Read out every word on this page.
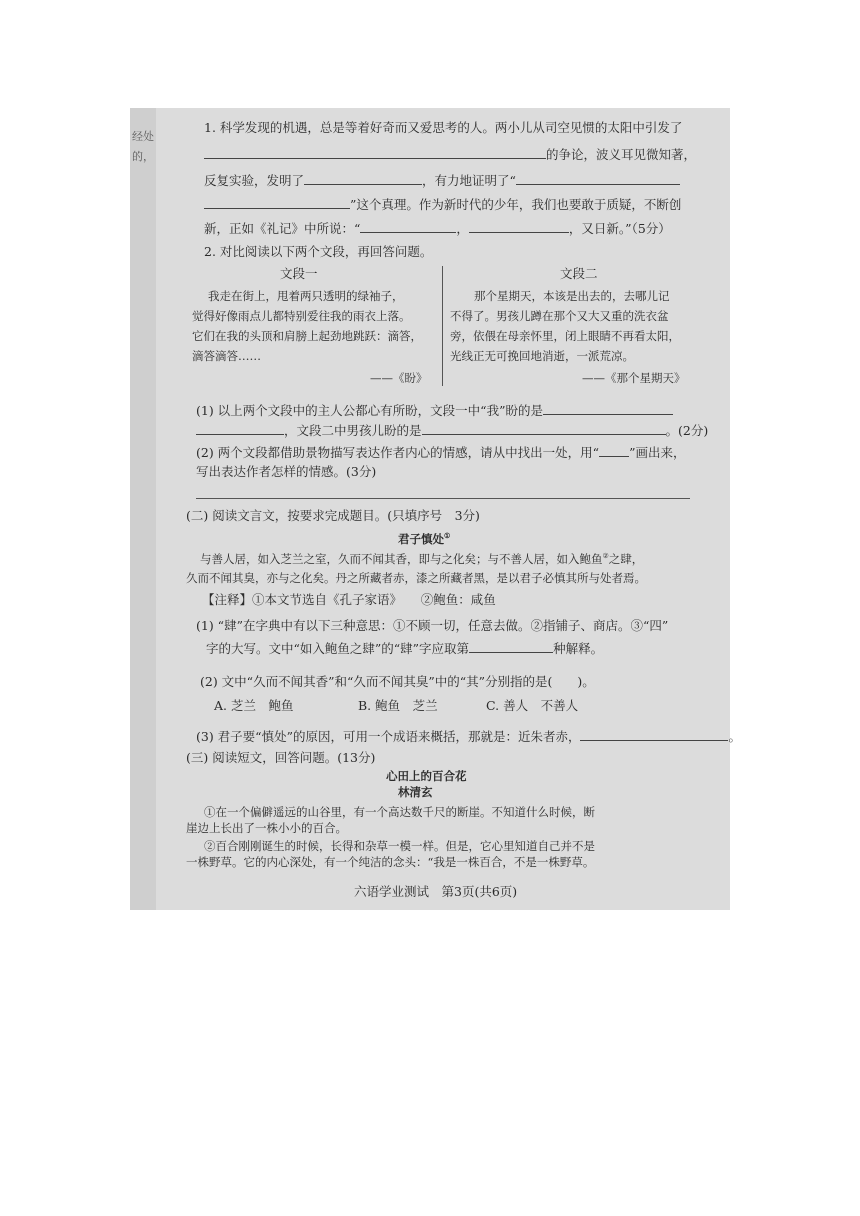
经处
的，
1. 科学发现的机遇，总是等着好奇而又爱思考的人。两小儿从司空见惯的太阳中引发了
的争论，波义耳见微知著，
反复实验，发明了	，有力地证明了“
”这个真理。作为新时代的少年，我们也要敢于质疑，不断创
新，正如《礼记》中所说：“	，	，又日新。”（5分）
2. 对比阅读以下两个文段，再回答问题。
文段一	文段二
我走在街上，甩着两只透明的绿袖子，
觉得好像雨点儿都特别爱往我的雨衣上落。
它们在我的头顶和肩膀上起劲地跳跃：滴答，
滴答滴答……
——《盼》
那个星期天，本该是出去的，去哪儿记
不得了。男孩儿蹲在那个又大又重的洗衣盆
旁，依偎在母亲怀里，闭上眼睛不再看太阳，
光线正无可挽回地消逝，一派荒凉。
——《那个星期天》
(1) 以上两个文段中的主人公都心有所盼，文段一中“我”盼的是
，文段二中男孩儿盼的是	。(2分)
(2) 两个文段都借助景物描写表达作者内心的情感，请从中找出一处，用“ ”画出来，
写出表达作者怎样的情感。(3分)
(二) 阅读文言文，按要求完成题目。(只填序号　3分)
君子慎处①
与善人居，如入芝兰之室，久而不闻其香，即与之化矣；与不善人居，如入鲍鱼②之肆，
久而不闻其臭，亦与之化矣。丹之所藏者赤，漆之所藏者黑，是以君子必慎其所与处者焉。
【注释】①本文节选自《孔子家语》　　②鲍鱼：咸鱼
(1) “肆”在字典中有以下三种意思：①不顾一切，任意去做。②指铺子、商店。③“四”
字的大写。文中“如入鲍鱼之肆”的“肆”字应取第	种解释。
(2) 文中“久而不闻其香”和“久而不闻其臭”中的“其”分别指的是(　　)。
A. 芝兰　鲍鱼	B. 鲍鱼　芝兰	C. 善人　不善人
(3) 君子要“慎处”的原因，可用一个成语来概括，那就是：近朱者赤，	。
(三) 阅读短文，回答问题。(13分)
心田上的百合花
林清玄
①在一个偏僻遥远的山谷里，有一个高达数千尺的断崖。不知道什么时候，断
崖边上长出了一株小小的百合。
②百合刚刚诞生的时候，长得和杂草一模一样。但是，它心里知道自己并不是
一株野草。它的内心深处，有一个纯洁的念头：“我是一株百合，不是一株野草。
六语学业测试　第3页(共6页)
